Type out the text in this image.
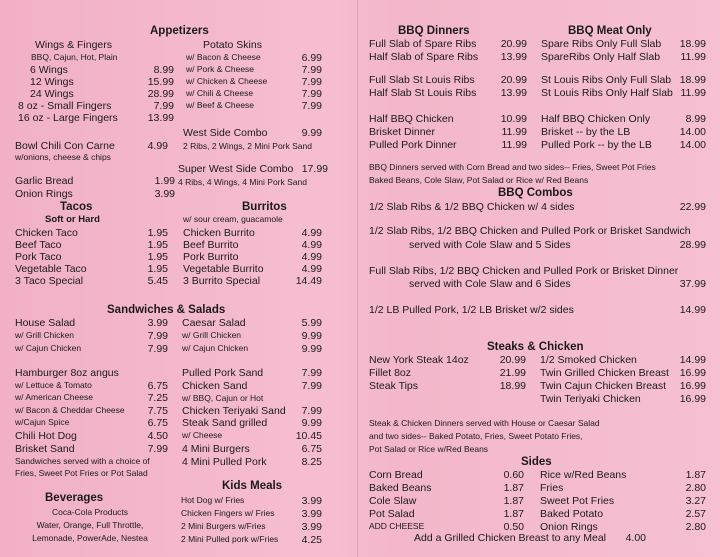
Appetizers
Wings & Fingers
BBQ, Cajun, Hot, Plain
6 Wings	8.99
12 Wings	15.99
24 Wings	28.99
8 oz - Small Fingers	7.99
16 oz - Large Fingers	13.99
Potato Skins
w/ Bacon & Cheese	6.99
w/ Pork & Cheese	7.99
w/ Chicken & Cheese	7.99
w/ Chili & Cheese	7.99
w/ Beef & Cheese	7.99
West Side Combo	9.99
2 Ribs, 2 Wings, 2 Mini Pork Sand
Bowl Chili Con Carne	4.99
w/onions, cheese & chips
Super West Side Combo 17.99
4 Ribs, 4 Wings, 4 Mini Pork Sand
Garlic Bread	1.99
Onion Rings	3.99
Tacos
Soft or Hard
Chicken Taco	1.95
Beef Taco	1.95
Pork Taco	1.95
Vegetable Taco	1.95
3 Taco Special	5.45
Burritos
w/ sour cream, guacamole
Chicken Burrito	4.99
Beef Burrito	4.99
Pork Burrito	4.99
Vegetable Burrito	4.99
3 Burrito Special	14.49
Sandwiches & Salads
House Salad	3.99
w/ Grill Chicken	7.99
w/ Cajun Chicken	7.99
Hamburger 8oz angus
w/ Lettuce & Tomato	6.75
w/ American Cheese	7.25
w/ Bacon & Cheddar Cheese 7.75
w/Cajun Spice	6.75
Chili Hot Dog	4.50
Brisket Sand	7.99
Caesar Salad	5.99
w/ Grill Chicken	9.99
w/ Cajun Chicken	9.99
Pulled Pork Sand	7.99
Chicken Sand	7.99
w/ BBQ, Cajun or Hot
Chicken Teriyaki Sand 7.99
Steak Sand grilled	9.99
w/ Cheese	10.45
4 Mini Burgers	6.75
4 Mini Pulled Pork	8.25
Sandwiches served with a choice of
Fries, Sweet Pot Fries or Pot Salad
Beverages
Coca-Cola Products
Water, Orange, Full Throttle,
Lemonade, PowerAde, Nestea
Kids Meals
Hot Dog w/ Fries	3.99
Chicken Fingers w/ Fries	3.99
2 Mini Burgers w/Fries	3.99
2 Mini Pulled pork w/Fries 4.25
BBQ Dinners
Full Slab of Spare Ribs 20.99
Half Slab of Spare Ribs 13.99
Full Slab St Louis Ribs 20.99
Half Slab St Louis Ribs 13.99
Half BBQ Chicken	10.99
Brisket Dinner	11.99
Pulled Pork Dinner	11.99
BBQ Meat Only
Spare Ribs Only Full Slab 18.99
SpareRibs Only Half Slab 11.99
St Louis Ribs Only Full Slab 18.99
St Louis Ribs Only Half Slab 11.99
Half BBQ Chicken Only	8.99
Brisket -- by the LB	14.00
Pulled Pork -- by the LB	14.00
BBQ Dinners served with Corn Bread and two sides-- Fries, Sweet Pot Fries
Baked Beans, Cole Slaw, Pot Salad or Rice w/ Red Beans
BBQ Combos
1/2 Slab Ribs & 1/2 BBQ Chicken w/ 4 sides	22.99
1/2 Slab Ribs, 1/2 BBQ Chicken and Pulled Pork or Brisket Sandwich
served with Cole Slaw and 5 Sides	28.99
Full Slab Ribs, 1/2 BBQ Chicken and Pulled Pork or Brisket Dinner
served with Cole Slaw and 6 Sides	37.99
1/2 LB Pulled Pork, 1/2 LB Brisket w/2 sides	14.99
Steaks & Chicken
New York Steak 14oz	20.99
Fillet 8oz	21.99
Steak Tips	18.99
1/2 Smoked Chicken	14.99
Twin Grilled Chicken Breast 16.99
Twin Cajun Chicken Breast 16.99
Twin Teriyaki Chicken	16.99
Steak & Chicken Dinners served with House or Caesar Salad
and two sides-- Baked Potato, Fries, Sweet Potato Fries,
Pot Salad or Rice w/Red Beans
Sides
Corn Bread	0.60
Baked Beans	1.87
Cole Slaw	1.87
Pot Salad	1.87
ADD CHEESE	0.50
Rice w/Red Beans	1.87
Fries	2.80
Sweet Pot Fries	3.27
Baked Potato	2.57
Onion Rings	2.80
Add a Grilled Chicken Breast to any Meal 4.00
